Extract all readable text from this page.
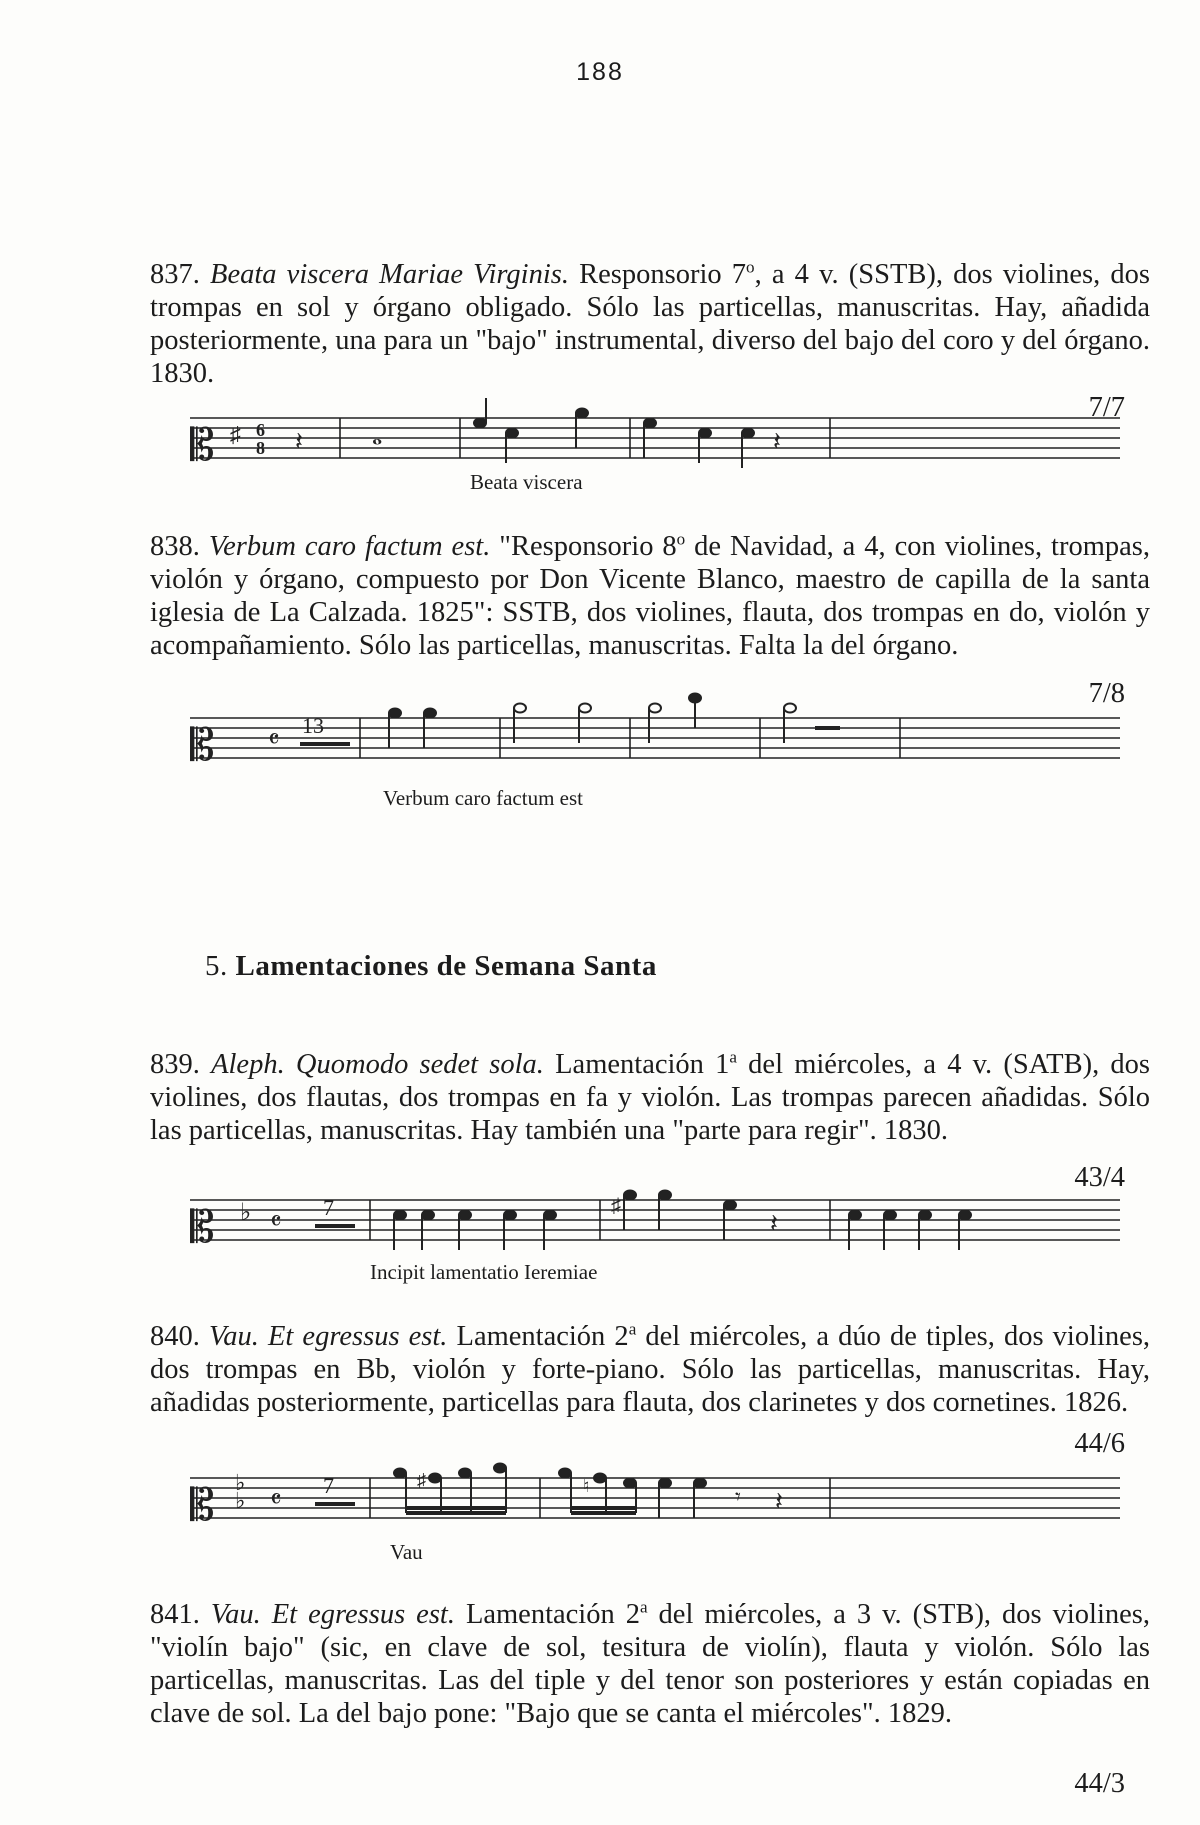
188
837. Beata viscera Mariae Virginis. Responsorio 7$^o$, a 4 v. (SSTB), dos violines, dos trompas en sol y órgano obligado. Sólo las particellas, manuscritas. Hay, añadida posteriormente, una para un "bajo" instrumental, diverso del bajo del coro y del órgano. 1830.
7/7
𝄡 ♯ 6
8 𝄽	𝅝	𝄽
Beata viscera
838. Verbum caro factum est. "Responsorio 8$^o$ de Navidad, a 4, con violines, trompas, violón y órgano, compuesto por Don Vicente Blanco, maestro de capilla de la santa iglesia de La Calzada. 1825": SSTB, dos violines, flauta, dos trompas en do, violón y acompañamiento. Sólo las particellas, manuscritas. Falta la del órgano.
7/8
𝄡 𝄴 13
Verbum caro factum est
5. Lamentaciones de Semana Santa
839. Aleph. Quomodo sedet sola. Lamentación 1$^a$ del miércoles, a 4 v. (SATB), dos violines, dos flautas, dos trompas en fa y violón. Las trompas parecen añadidas. Sólo las particellas, manuscritas. Hay también una "parte para regir". 1830.
43/4
𝄡 ♭ 𝄴 7	♯
𝄽
Incipit lamentatio Ieremiae
840. Vau. Et egressus est. Lamentación 2$^a$ del miércoles, a dúo de tiples, dos violines, dos trompas en Bb, violón y forte-piano. Sólo las particellas, manuscritas. Hay, añadidas posteriormente, particellas para flauta, dos clarinetes y dos cornetines. 1826.
44/6
𝄡 ♭
♭ 𝄴 7	♯	♮	𝄾 𝄽
Vau
841. Vau. Et egressus est. Lamentación 2$^a$ del miércoles, a 3 v. (STB), dos violines, "violín bajo" (sic, en clave de sol, tesitura de violín), flauta y violón. Sólo las particellas, manuscritas. Las del tiple y del tenor son posteriores y están copiadas en clave de sol. La del bajo pone: "Bajo que se canta el miércoles". 1829.
44/3
